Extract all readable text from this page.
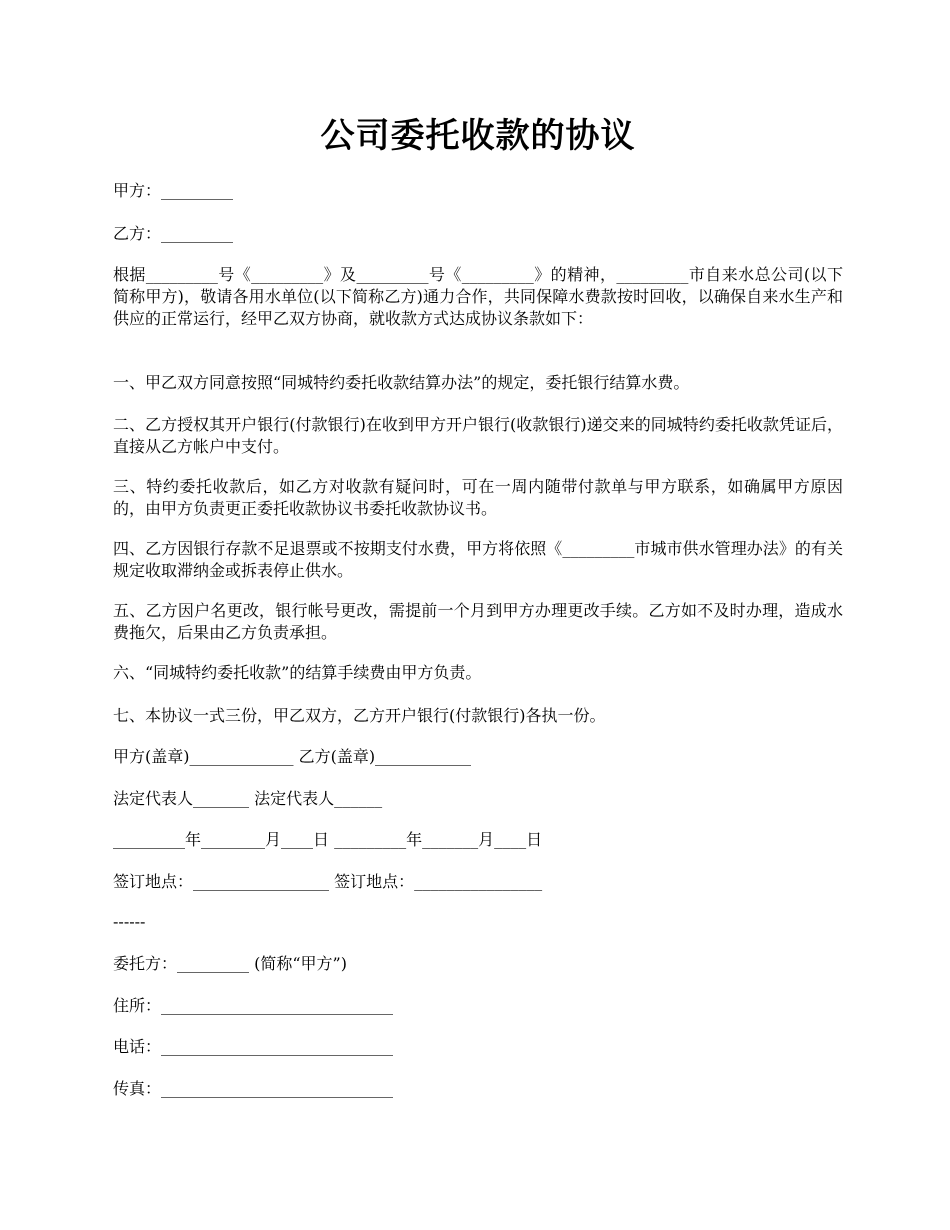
公司委托收款的协议

甲方：_________

乙方：_________

根据_________号《_________》及_________号《_________》的精神，_________市自来水总公司(以下简称甲方)，敬请各用水单位(以下简称乙方)通力合作，共同保障水费款按时回收，以确保自来水生产和供应的正常运行，经甲乙双方协商，就收款方式达成协议条款如下：

一、甲乙双方同意按照“同城特约委托收款结算办法”的规定，委托银行结算水费。

二、乙方授权其开户银行(付款银行)在收到甲方开户银行(收款银行)递交来的同城特约委托收款凭证后，直接从乙方帐户中支付。

三、特约委托收款后，如乙方对收款有疑问时，可在一周内随带付款单与甲方联系，如确属甲方原因的，由甲方负责更正委托收款协议书委托收款协议书。

四、乙方因银行存款不足退票或不按期支付水费，甲方将依照《_________市城市供水管理办法》的有关规定收取滞纳金或拆表停止供水。

五、乙方因户名更改，银行帐号更改，需提前一个月到甲方办理更改手续。乙方如不及时办理，造成水费拖欠，后果由乙方负责承担。

六、“同城特约委托收款”的结算手续费由甲方负责。

七、本协议一式三份，甲乙双方，乙方开户银行(付款银行)各执一份。

甲方(盖章)_____________ 乙方(盖章)____________

法定代表人_______ 法定代表人______

_________年________月____日 _________年_______月____日

签订地点：_________________ 签订地点：________________

------

委托方：_________ (简称“甲方”)

住所：_____________________________

电话：_____________________________

传真：_____________________________
